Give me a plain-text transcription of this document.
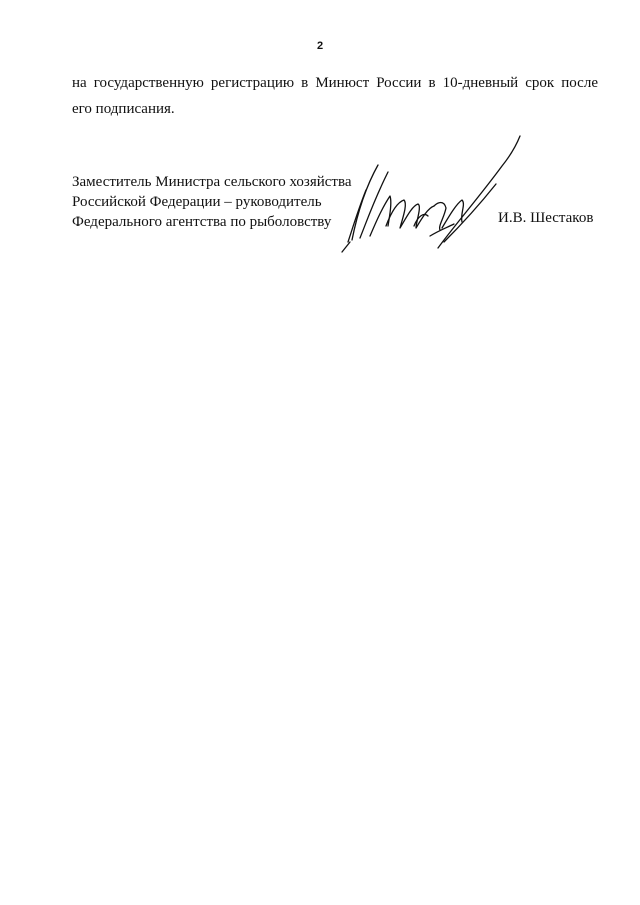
2
на государственную регистрацию в Минюст России в 10-дневный срок после
его подписания.
Заместитель Министра сельского хозяйства
Российской Федерации – руководитель
Федерального агентства по рыболовству	И.В. Шестаков
